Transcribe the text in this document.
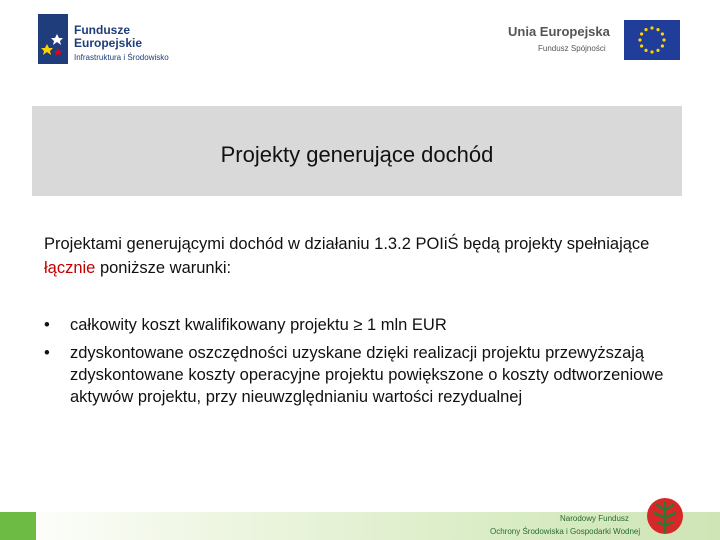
Fundusze
Europejskie
Infrastruktura i Środowisko
Unia Europejska
Fundusz Spójności
Projekty generujące dochód
Projektami generującymi dochód w działaniu 1.3.2 POIiŚ będą projekty spełniające łącznie poniższe warunki:
• całkowity koszt kwalifikowany projektu ≥ 1 mln EUR
• zdyskontowane oszczędności uzyskane dzięki realizacji projektu przewyższają zdyskontowane koszty operacyjne projektu powiększone o koszty odtworzeniowe aktywów projektu, przy nieuwzględnianiu wartości rezydualnej
Narodowy Fundusz
Ochrony Środowiska i Gospodarki Wodnej
